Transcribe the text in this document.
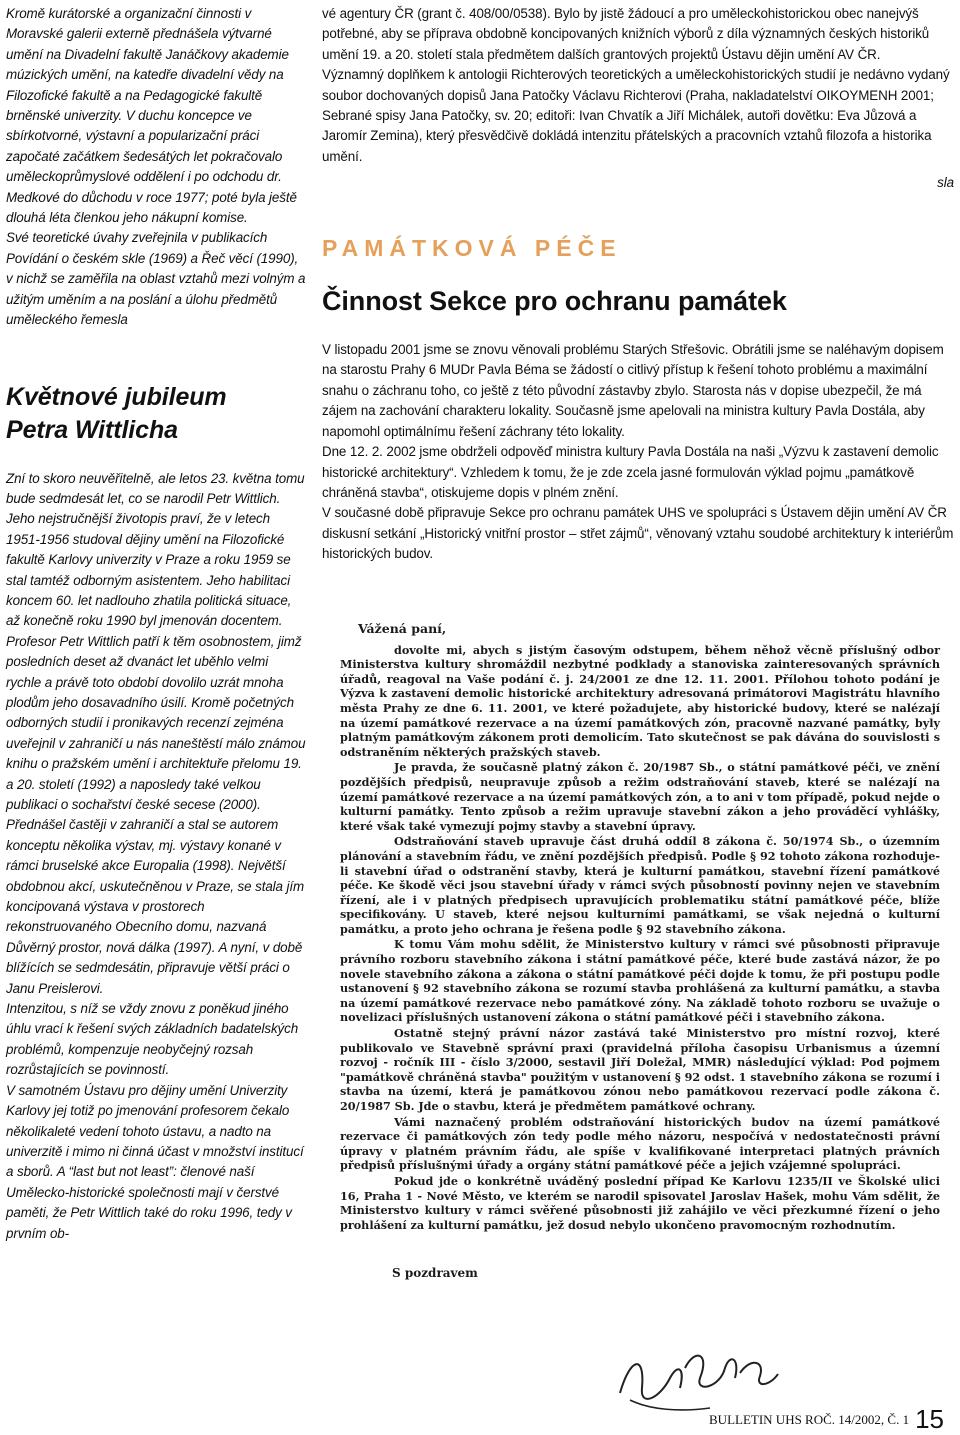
Kromě kurátorské a organizační činnosti v Moravské galerii externě přednášela výtvarné umění na Divadelní fakultě Janáčkovy akademie múzických umění, na katedře divadelní vědy na Filozofické fakultě a na Pedagogické fakultě brněnské univerzity. V duchu koncepce ve sbírkotvorné, výstavní a popularizační práci započaté začátkem šedesátých let pokračovalo uměleckoprůmyslové oddělení i po odchodu dr. Medkové do důchodu v roce 1977; poté byla ještě dlouhá léta členkou jeho nákupní komise.

Své teoretické úvahy zveřejnila v publikacích Povídání o českém skle (1969) a Řeč věcí (1990), v nichž se zaměřila na oblast vztahů mezi volným a užitým uměním a na poslání a úlohu předmětů uměleckého řemesla

Květnové jubileum
Petra Wittlicha

Zní to skoro neuvěřitelně, ale letos 23. května tomu bude sedmdesát let, co se narodil Petr Wittlich. Jeho nejstručnější životopis praví, že v letech 1951-1956 studoval dějiny umění na Filozofické fakultě Karlovy univerzity v Praze a roku 1959 se stal tamtéž odborným asistentem. Jeho habilitaci koncem 60. let nadlouho zhatila politická situace, až konečně roku 1990 byl jmenován docentem.

Profesor Petr Wittlich patří k těm osobnostem, jimž posledních deset až dvanáct let uběhlo velmi rychle a právě toto období dovolilo uzrát mnoha plodům jeho dosavadního úsilí. Kromě početných odborných studií i pronikavých recenzí zejména uveřejnil v zahraničí u nás naneštěstí málo známou knihu o pražském umění i architektuře přelomu 19. a 20. století (1992) a naposledy také velkou publikaci o sochařství české secese (2000). Přednášel častěji v zahraničí a stal se autorem konceptu několika výstav, mj. výstavy konané v rámci bruselské akce Europalia (1998). Největší obdobnou akcí, uskutečněnou v Praze, se stala jím koncipovaná výstava v prostorech rekonstruovaného Obecního domu, nazvaná Důvěrný prostor, nová dálka (1997). A nyní, v době blížících se sedmdesátin, připravuje větší práci o Janu Preislerovi.

Intenzitou, s níž se vždy znovu z poněkud jiného úhlu vrací k řešení svých základních badatelských problémů, kompenzuje neobyčejný rozsah rozrůstajících se povinností.

V samotném Ústavu pro dějiny umění Univerzity Karlovy jej totiž po jmenování profesorem čekalo několikaleté vedení tohoto ústavu, a nadto na univerzitě i mimo ni činná účast v množství institucí a sborů. A “last but not least”: členové naší Umělecko-historické společnosti mají v čerstvé paměti, že Petr Wittlich také do roku 1996, tedy v prvním ob-

vé agentury ČR (grant č. 408/00/0538). Bylo by jistě žádoucí a pro uměleckohistorickou obec nanejvýš potřebné, aby se příprava obdobně koncipovaných knižních výborů z díla významných českých historiků umění 19. a 20. století stala předmětem dalších grantových projektů Ústavu dějin umění AV ČR.

Významný doplňkem k antologii Richterových teoretických a uměleckohistorických studií je nedávno vydaný soubor dochovaných dopisů Jana Patočky Václavu Richterovi (Praha, nakladatelství OIKOYMENH 2001; Sebrané spisy Jana Patočky, sv. 20; editoři: Ivan Chvatík a Jiří Michálek, autoři dovětku: Eva Jůzová a Jaromír Zemina), který přesvědčivě dokládá intenzitu přátelských a pracovních vztahů filozofa a historika umění.

sla
PAMÁTKOVÁ PÉČE
Činnost Sekce pro ochranu památek

V listopadu 2001 jsme se znovu věnovali problému Starých Střešovic. Obrátili jsme se naléhavým dopisem na starostu Prahy 6 MUDr Pavla Béma se žádostí o citlivý přístup k řešení tohoto problému a maximální snahu o záchranu toho, co ještě z této původní zástavby zbylo. Starosta nás v dopise ubezpečil, že má zájem na zachování charakteru lokality. Současně jsme apelovali na ministra kultury Pavla Dostála, aby napomohl optimálnímu řešení záchrany této lokality.

Dne 12. 2. 2002 jsme obdrželi odpověď ministra kultury Pavla Dostála na naši „Výzvu k zastavení demolic historické architektury“. Vzhledem k tomu, že je zde zcela jasné formulován výklad pojmu „památkově chráněná stavba“, otiskujeme dopis v plném znění.

V současné době připravuje Sekce pro ochranu památek UHS ve spolupráci s Ústavem dějin umění AV ČR diskusní setkání „Historický vnitřní prostor – střet zájmů“, věnovaný vztahu soudobé architektury k interiérům historických budov.

Vážená paní,

dovolte mi, abych s jistým časovým odstupem, během něhož věcně příslušný odbor Ministerstva kultury shromáždil nezbytné podklady a stanoviska zainteresovaných správních úřadů, reagoval na Vaše podání č. j. 24/2001 ze dne 12. 11. 2001. Přílohou tohoto podání je Výzva k zastavení demolic historické architektury adresovaná primátorovi Magistrátu hlavního města Prahy ze dne 6. 11. 2001, ve které požadujete, aby historické budovy, které se nalézají na území památkové rezervace a na území památkových zón, pracovně nazvané památky, byly platným památkovým zákonem proti demolicím. Tato skutečnost se pak dávána do souvislosti s odstraněním některých pražských staveb.

Je pravda, že současně platný zákon č. 20/1987 Sb., o státní památkové péči, ve znění pozdějších předpisů, neupravuje způsob a režim odstraňování staveb, které se nalézají na území památkové rezervace a na území památkových zón, a to ani v tom případě, pokud nejde o kulturní památky. Tento způsob a režim upravuje stavební zákon a jeho prováděcí vyhlášky, které však také vymezují pojmy stavby a stavební úpravy.

Odstraňování staveb upravuje část druhá oddíl 8 zákona č. 50/1974 Sb., o územním plánování a stavebním řádu, ve znění pozdějších předpisů. Podle § 92 tohoto zákona rozhoduje-li stavební úřad o odstranění stavby, která je kulturní památkou, stavební řízení památkové péče. Ke škodě věci jsou stavební úřady v rámci svých působností povinny nejen ve stavebním řízení, ale i v platných předpisech upravujících problematiku státní památkové péče, blíže specifikovány. U staveb, které nejsou kulturními památkami, se však nejedná o kulturní památku, a proto jeho ochrana je řešena podle § 92 stavebního zákona.

K tomu Vám mohu sdělit, že Ministerstvo kultury v rámci své působnosti připravuje právního rozboru stavebního zákona i státní památkové péče, které bude zastává názor, že po novele stavebního zákona a zákona o státní památkové péči dojde k tomu, že při postupu podle ustanovení § 92 stavebního zákona se rozumí stavba prohlášená za kulturní památku, a stavba na území památkové rezervace nebo památkové zóny. Na základě tohoto rozboru se uvažuje o novelizaci příslušných ustanovení zákona o státní památkové péči i stavebního zákona.

Ostatně stejný právní názor zastává také Ministerstvo pro místní rozvoj, které publikovalo ve Stavebně správní praxi (pravidelná příloha časopisu Urbanismus a územní rozvoj - ročník III - číslo 3/2000, sestavil Jiří Doležal, MMR) následující výklad: Pod pojmem "památkově chráněná stavba" použitým v ustanovení § 92 odst. 1 stavebního zákona se rozumí i stavba na území, která je památkovou zónou nebo památkovou rezervací podle zákona č. 20/1987 Sb. Jde o stavbu, která je předmětem památkové ochrany.

Vámi naznačený problém odstraňování historických budov na území památkové rezervace či památkových zón tedy podle mého názoru, nespočívá v nedostatečnosti právní úpravy v platném právním řádu, ale spíše v kvalifikované interpretaci platných právních předpisů příslušnými úřady a orgány státní památkové péče a jejich vzájemné spolupráci.

Pokud jde o konkrétně uváděný poslední případ Ke Karlovu 1235/II ve Školské ulici 16, Praha 1 - Nové Město, ve kterém se narodil spisovatel Jaroslav Hašek, mohu Vám sdělit, že Ministerstvo kultury v rámci svěřené působnosti již zahájilo ve věci přezkumné řízení o jeho prohlášení za kulturní památku, jež dosud nebylo ukončeno pravomocným rozhodnutím.

S pozdravem
BULLETIN UHS ROČ. 14/2002, Č. 1 15
